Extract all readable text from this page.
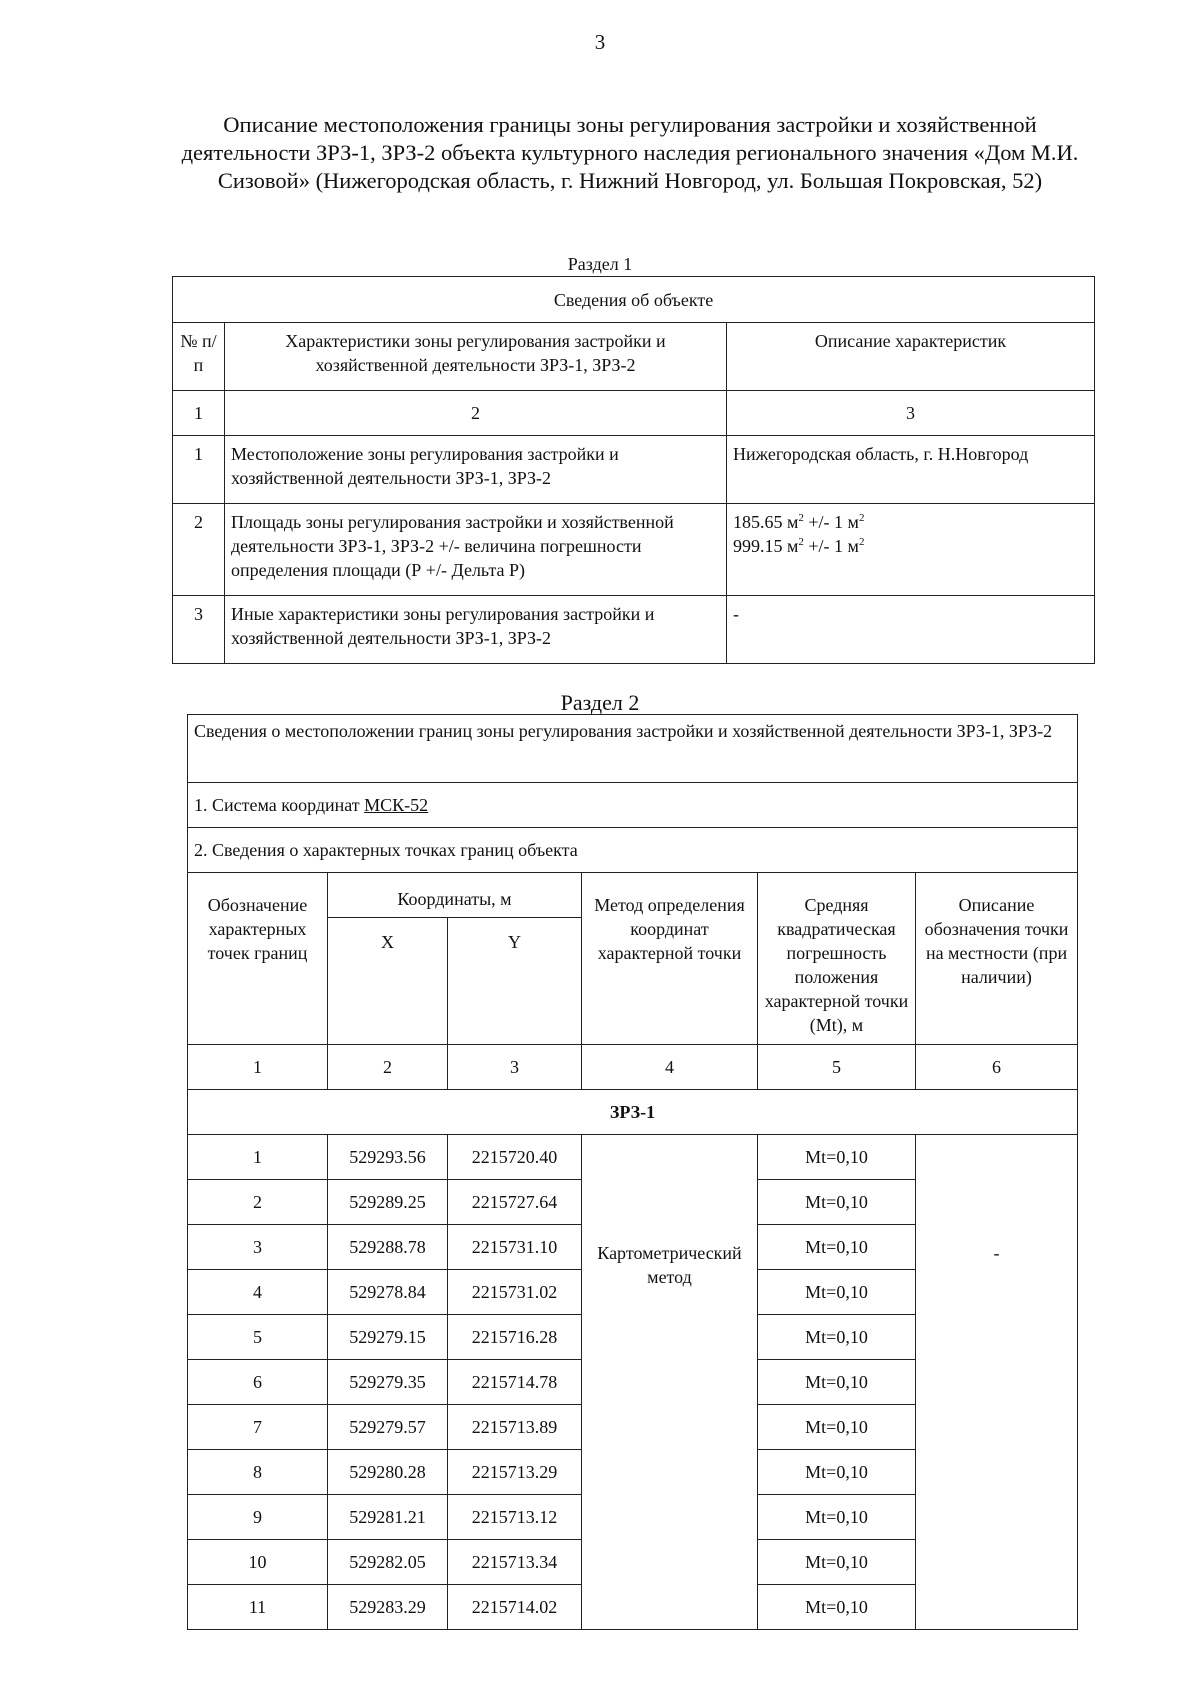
3
Описание местоположения границы зоны регулирования застройки и хозяйственной деятельности ЗРЗ-1, ЗРЗ-2 объекта культурного наследия регионального значения «Дом М.И. Сизовой» (Нижегородская область, г. Нижний Новгород, ул. Большая Покровская, 52)
Раздел 1
Сведения об объекте		
№ п/п	Характеристики зоны регулирования застройки и хозяйственной деятельности ЗРЗ-1, ЗРЗ-2	Описание характеристик
1	2	3
1	Местоположение зоны регулирования застройки и хозяйственной деятельности ЗРЗ-1, ЗРЗ-2	Нижегородская область, г. Н.Новгород
2	Площадь зоны регулирования застройки и хозяйственной деятельности ЗРЗ-1, ЗРЗ-2 +/- величина погрешности определения площади (Р +/- Дельта Р)	185.65 $м^2$ +/- 1 $м^2$
999.15 $м^2$ +/- 1 $м^2$

3	Иные характеристики зоны регулирования застройки и хозяйственной деятельности ЗРЗ-1, ЗРЗ-2	-
Раздел 2
Сведения о местоположении границ зоны регулирования застройки и хозяйственной деятельности ЗРЗ-1, ЗРЗ-2					
1. Система координат МСК-52					
2. Сведения о характерных точках границ объекта					
Обозначение характерных точек границ	Координаты, м		Метод определения координат характерной точки	Средняя квадратическая погрешность положения характерной точки (Mt), м	Описание обозначения точки на местности (при наличии)
	X	Y			
1	2	3	4	5	6
ЗРЗ-1					
1	529293.56	2215720.40	Картометрический метод	Mt=0,10	-
2	529289.25	2215727.64		Mt=0,10	
3	529288.78	2215731.10		Mt=0,10	
4	529278.84	2215731.02		Mt=0,10	
5	529279.15	2215716.28		Mt=0,10	
6	529279.35	2215714.78		Mt=0,10	
7	529279.57	2215713.89		Mt=0,10	
8	529280.28	2215713.29		Mt=0,10	
9	529281.21	2215713.12		Mt=0,10	
10	529282.05	2215713.34		Mt=0,10	
11	529283.29	2215714.02		Mt=0,10	
